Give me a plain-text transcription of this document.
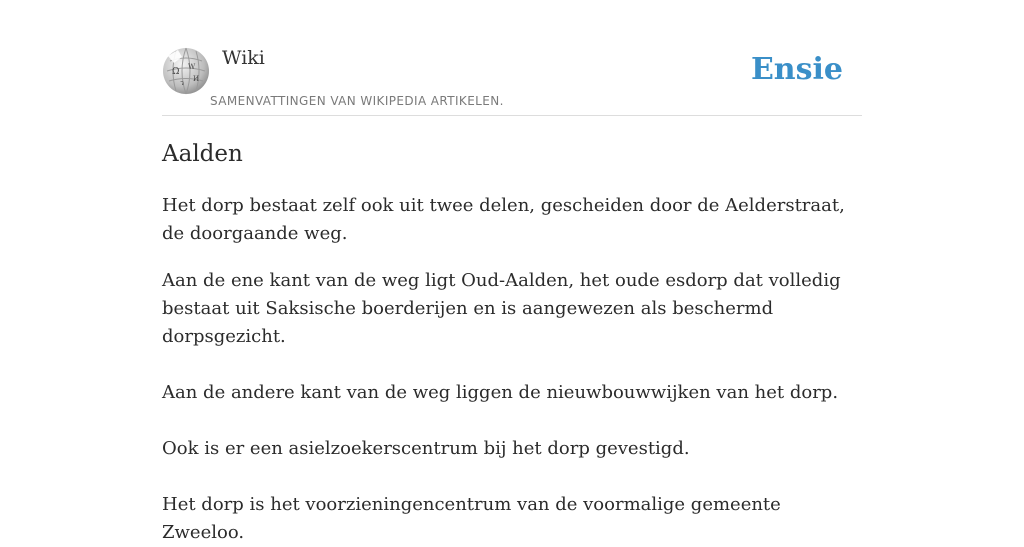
Ω W
И
ว
Wiki
SAMENVATTINGEN VAN WIKIPEDIA ARTIKELEN.
Ensie
Aalden

Het dorp bestaat zelf ook uit twee delen, gescheiden door de Aelderstraat, de doorgaande weg.

Aan de ene kant van de weg ligt Oud-Aalden, het oude esdorp dat volledig bestaat uit Saksische boerderijen en is aangewezen als beschermd dorpsgezicht.

Aan de andere kant van de weg liggen de nieuwbouwwijken van het dorp.

Ook is er een asielzoekerscentrum bij het dorp gevestigd.

Het dorp is het voorzieningencentrum van de voormalige gemeente Zweeloo.
